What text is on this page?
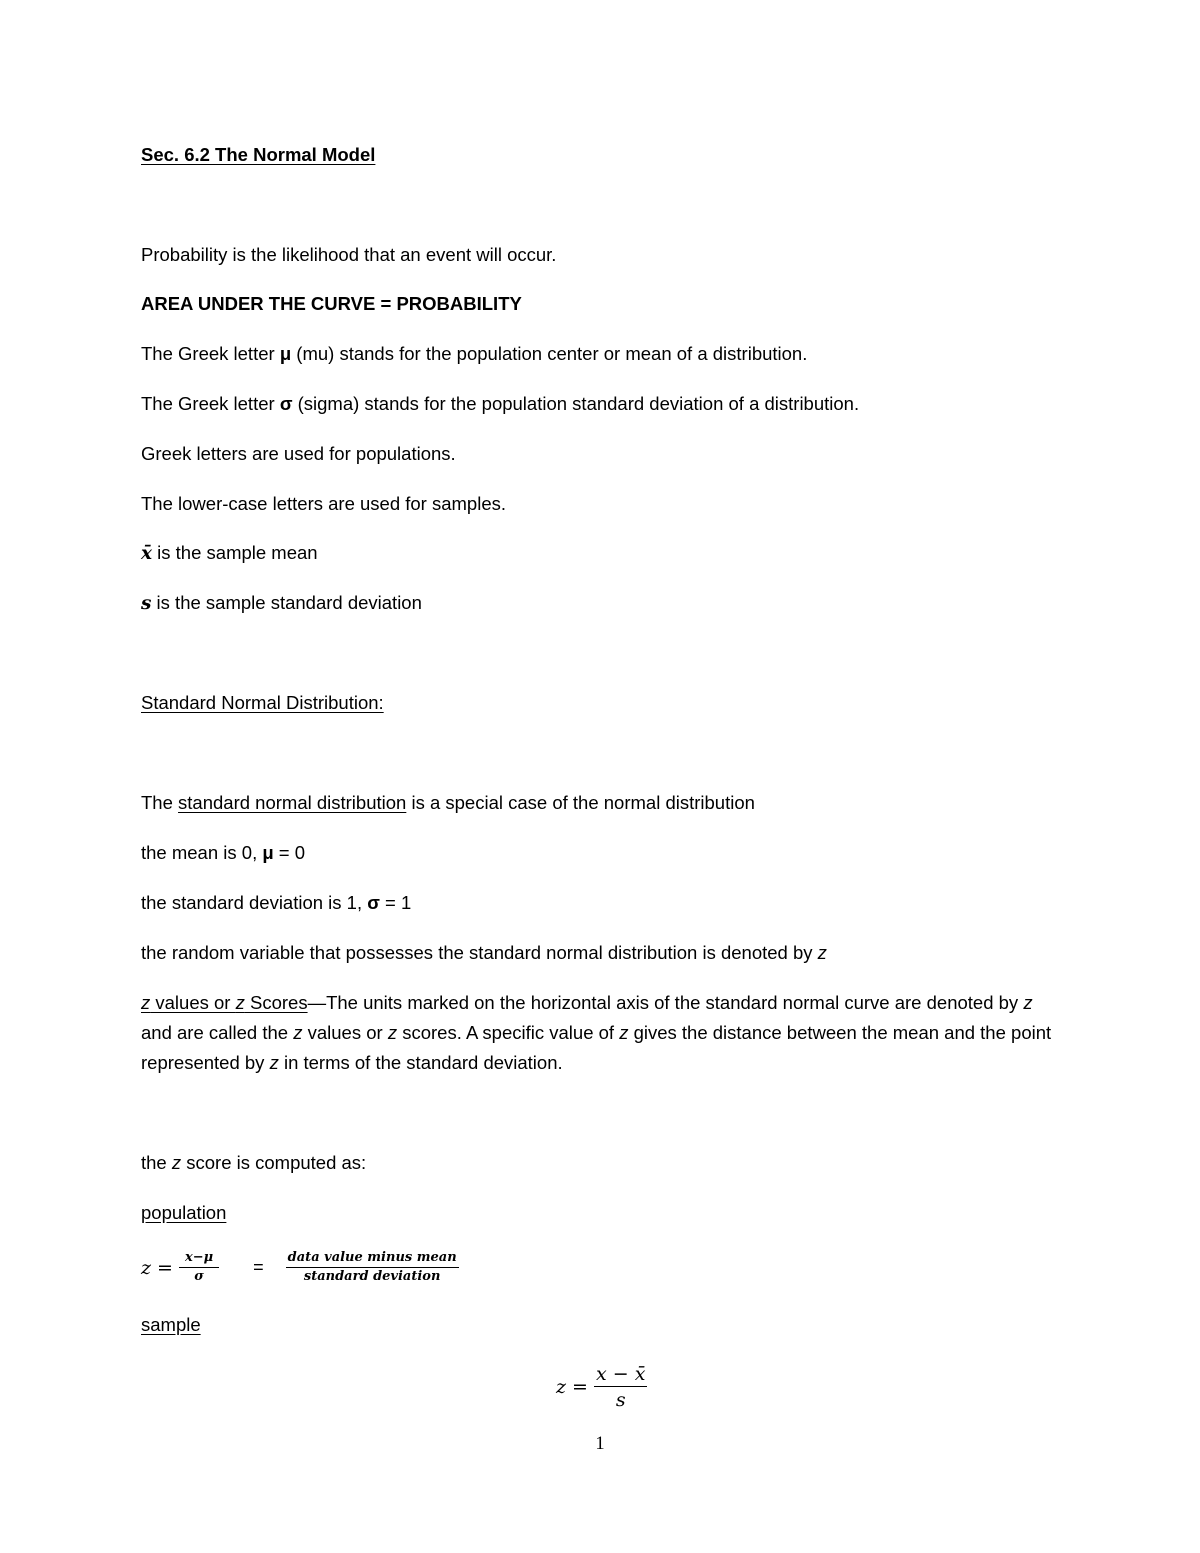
Sec. 6.2 The Normal Model
Probability is the likelihood that an event will occur.
AREA UNDER THE CURVE = PROBABILITY
The Greek letter μ (mu) stands for the population center or mean of a distribution.
The Greek letter σ (sigma) stands for the population standard deviation of a distribution.
Greek letters are used for populations.
The lower-case letters are used for samples.
x̄ is the sample mean
s is the sample standard deviation
Standard Normal Distribution:
The standard normal distribution is a special case of the normal distribution
the mean is 0, μ = 0
the standard deviation is 1, σ = 1
the random variable that possesses the standard normal distribution is denoted by z
z values or z Scores—The units marked on the horizontal axis of the standard normal curve are denoted by z and are called the z values or z scores. A specific value of z gives the distance between the mean and the point represented by z in terms of the standard deviation.
the z score is computed as:
population
$z = \frac{x-\mu}{\sigma} = \frac{\text{data value minus mean}}{\text{standard deviation}}$
sample
$z = \frac{x - x̄}{s}$
1
